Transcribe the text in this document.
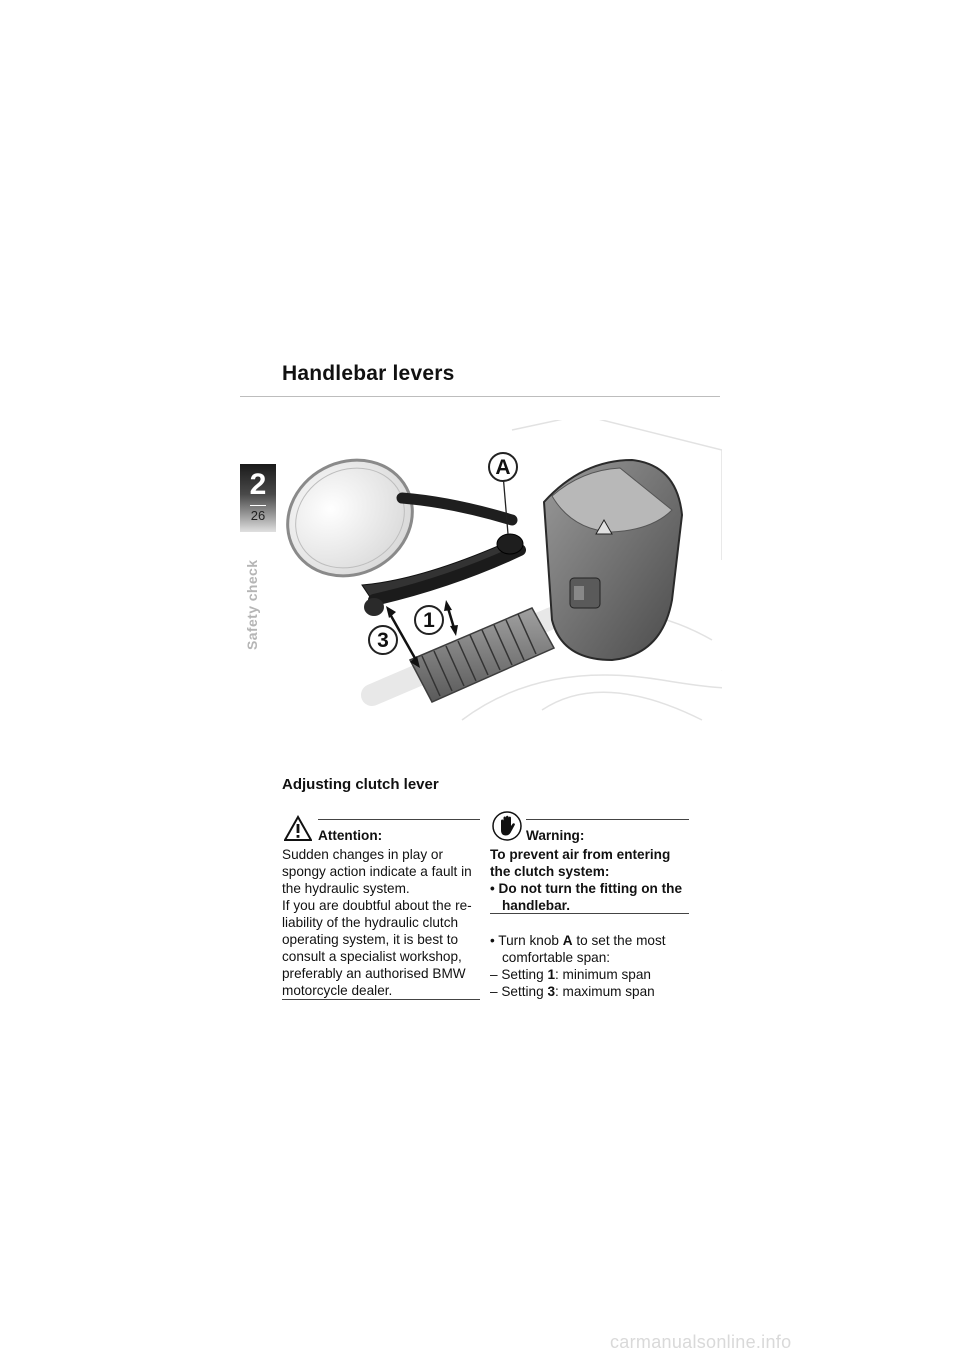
Handlebar levers
2
26
Safety check
A
1
3
Adjusting clutch lever
Attention:

Sudden changes in play or

spongy action indicate a fault in

the hydraulic system.

If you are doubtful about the re-

liability of the hydraulic clutch

operating system, it is best to

consult a specialist workshop,

preferably an authorised BMW

motorcycle dealer.

Warning:

To prevent air from entering

the clutch system:

• Do not turn the fitting on the handlebar.

• Turn knob A to set the most comfortable span:

– Setting 1: minimum span

– Setting 3: maximum span

carmanualsonline.info
